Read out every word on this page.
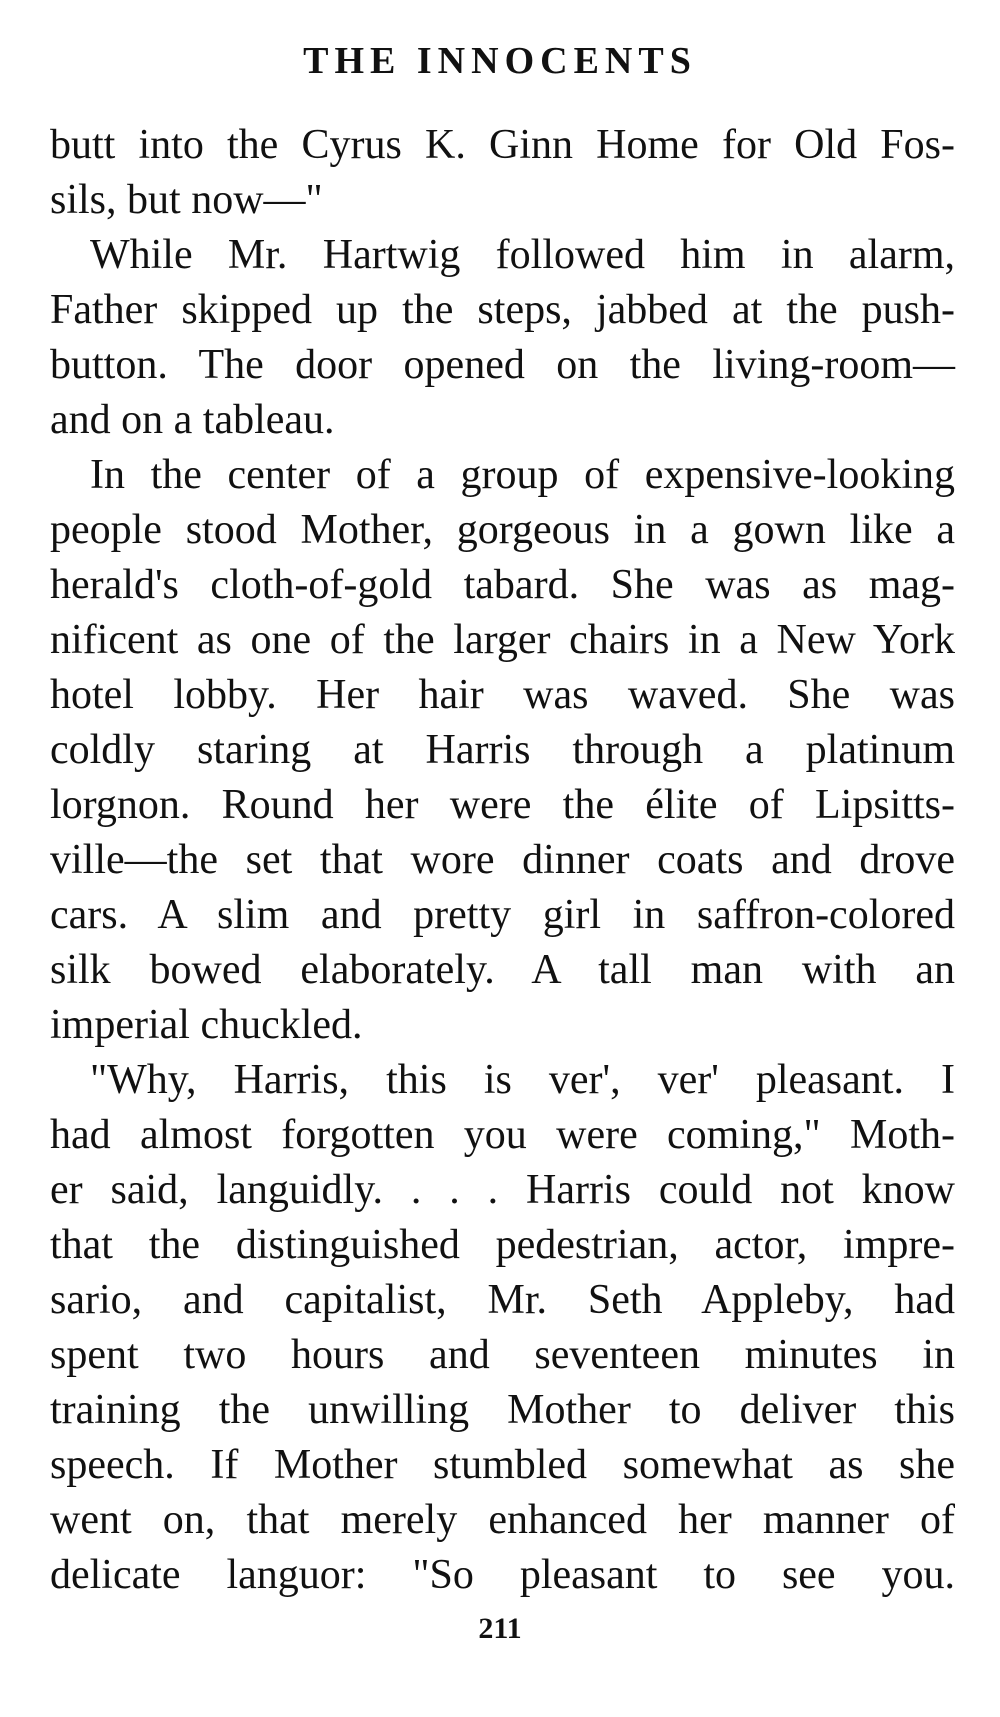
THE INNOCENTS

butt into the Cyrus K. Ginn Home for Old Fos-
sils, but now—"

While Mr. Hartwig followed him in alarm,
Father skipped up the steps, jabbed at the push-
button. The door opened on the living-room—
and on a tableau.

In the center of a group of expensive-looking
people stood Mother, gorgeous in a gown like a
herald's cloth-of-gold tabard. She was as mag-
nificent as one of the larger chairs in a New York
hotel lobby. Her hair was waved. She was
coldly staring at Harris through a platinum
lorgnon. Round her were the élite of Lipsitts-
ville—the set that wore dinner coats and drove
cars. A slim and pretty girl in saffron-colored
silk bowed elaborately. A tall man with an
imperial chuckled.

"Why, Harris, this is ver', ver' pleasant. I
had almost forgotten you were coming," Moth-
er said, languidly. . . . Harris could not know
that the distinguished pedestrian, actor, impre-
sario, and capitalist, Mr. Seth Appleby, had
spent two hours and seventeen minutes in
training the unwilling Mother to deliver this
speech. If Mother stumbled somewhat as she
went on, that merely enhanced her manner of
delicate languor: "So pleasant to see you.

211
